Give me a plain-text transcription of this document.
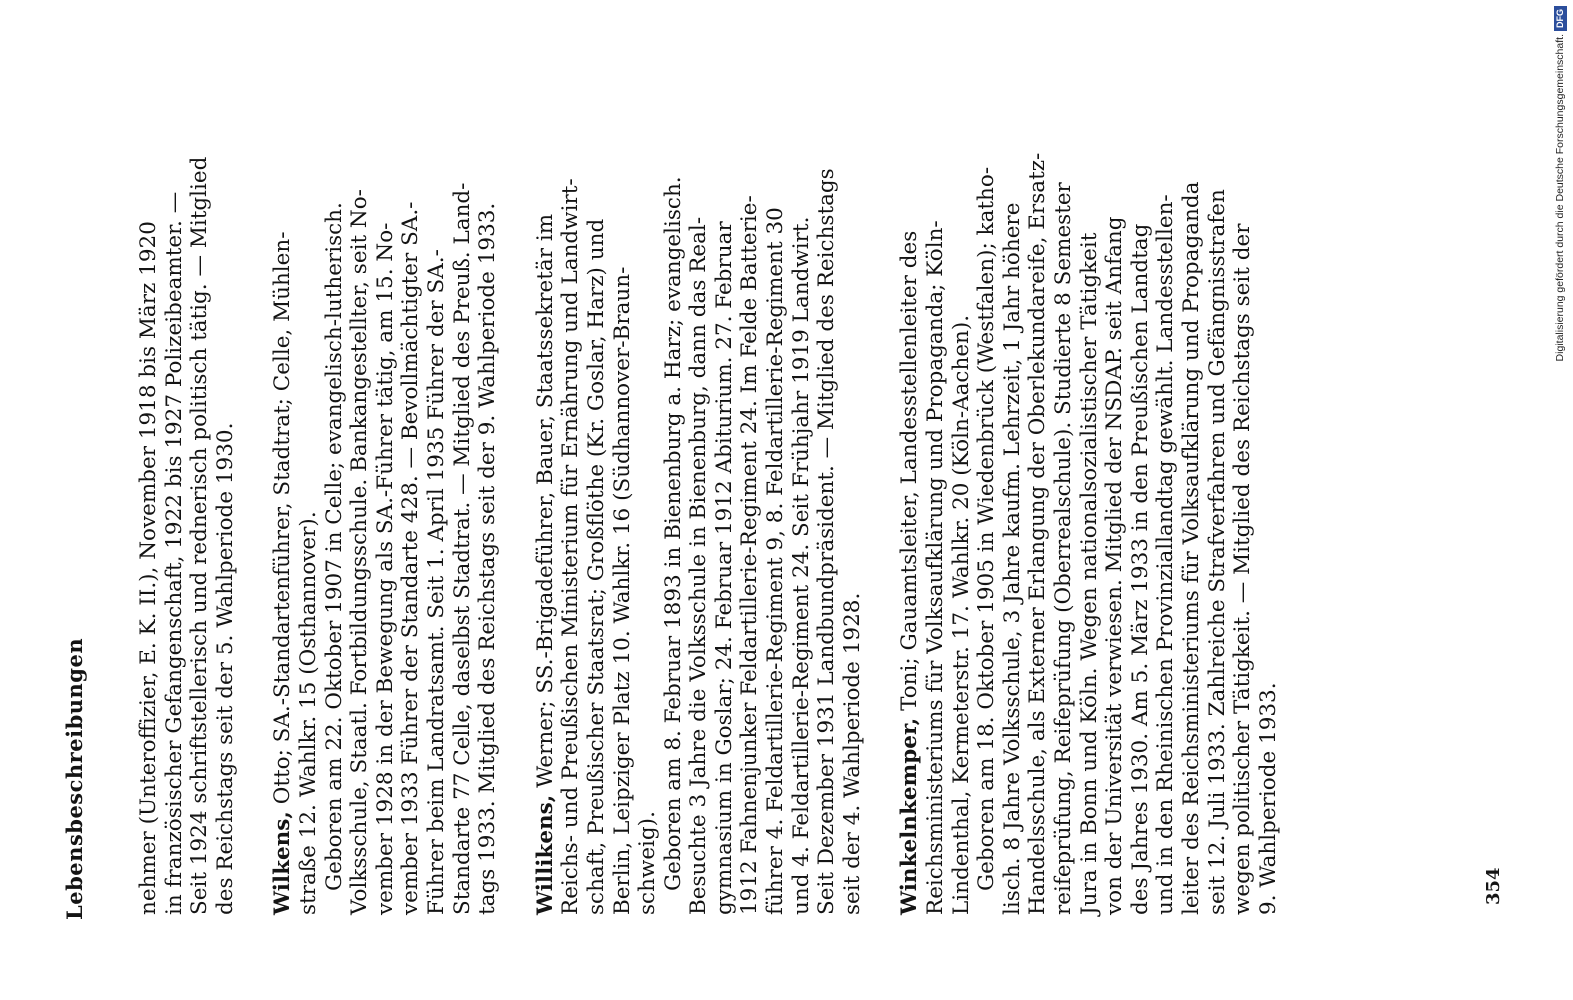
Lebensbeschreibungen nehmer (Unteroffizier, E. K. II.), November 1918 bis März 1920 in französischer Gefangenschaft, 1922 bis 1927 Polizeibeamter. — Seit 1924 schriftstellerisch und rednerisch politisch tätig. — Mitglied des Reichstags seit der 5. Wahlperiode 1930. Wilkens, Otto; SA.-Standartenführer, Stadtrat; Celle, Mühlen- straße 12. Wahlkr. 15 (Osthannover). Geboren am 22. Oktober 1907 in Celle; evangelisch-lutherisch. Volksschule, Staatl. Fortbildungsschule. Bankangestellter, seit No- vember 1928 in der Bewegung als SA.-Führer tätig, am 15. No- vember 1933 Führer der Standarte 428. — Bevollmächtigter SA.- Führer beim Landratsamt. Seit 1. April 1935 Führer der SA.- Standarte 77 Celle, daselbst Stadtrat. — Mitglied des Preuß. Land- tags 1933. Mitglied des Reichstags seit der 9. Wahlperiode 1933. Willikens, Werner; SS.-Brigadeführer, Bauer, Staatssekretär im Reichs- und Preußischen Ministerium für Ernährung und Landwirt- schaft, Preußischer Staatsrat; Großflöthe (Kr. Goslar, Harz) und Berlin, Leipziger Platz 10. Wahlkr. 16 (Südhannover-Braun- schweig). Geboren am 8. Februar 1893 in Bienenburg a. Harz; evangelisch. Besuchte 3 Jahre die Volksschule in Bienenburg, dann das Real- gymnasium in Goslar; 24. Februar 1912 Abiturium. 27. Februar 1912 Fahnenjunker Feldartillerie-Regiment 24. Im Felde Batterie- führer 4. Feldartillerie-Regiment 9, 8. Feldartillerie-Regiment 30 und 4. Feldartillerie-Regiment 24. Seit Frühjahr 1919 Landwirt. Seit Dezember 1931 Landbundpräsident. — Mitglied des Reichstags seit der 4. Wahlperiode 1928. Winkelnkemper, Toni; Gauamtsleiter, Landesstellenleiter des Reichsministeriums für Volksaufklärung und Propaganda; Köln- Lindenthal, Kermeterstr. 17. Wahlkr. 20 (Köln-Aachen). Geboren am 18. Oktober 1905 in Wiedenbrück (Westfalen); katho- lisch. 8 Jahre Volksschule, 3 Jahre kaufm. Lehrzeit, 1 Jahr höhere Handelsschule, als Externer Erlangung der Oberlekundareife, Ersatz- reifeprüfung, Reifeprüfung (Oberrealschule). Studierte 8 Semester Jura in Bonn und Köln. Wegen nationalsozialistischer Tätigkeit von der Universität verwiesen. Mitglied der NSDAP. seit Anfang des Jahres 1930. Am 5. März 1933 in den Preußischen Landtag und in den Rheinischen Provinziallandtag gewählt. Landesstellen- leiter des Reichsministeriums für Volksaufklärung und Propaganda seit 12. Juli 1933. Zahlreiche Strafverfahren und Gefängnisstrafen wegen politischer Tätigkeit. — Mitglied des Reichstags seit der 9. Wahlperiode 1933.	354
Digitalisierung gefördert durch die Deutsche Forschungsgemeinschaft.DFG
